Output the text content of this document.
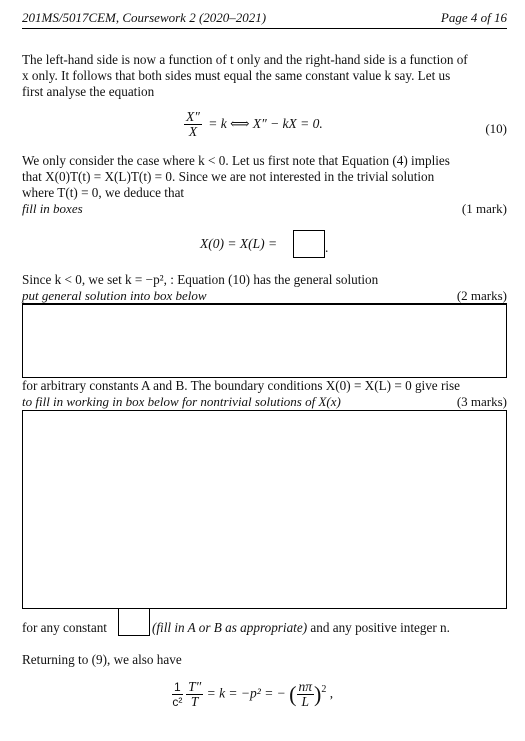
201MS/5017CEM, Coursework 2 (2020–2021)	Page 4 of 16
The left-hand side is now a function of t only and the right-hand side is a function of
x only. It follows that both sides must equal the same constant value k say. Let us
first analyse the equation
$\frac{X''}{X} = k$ ⟺ X″ − kX = 0.	(10)
We only consider the case where k < 0. Let us first note that Equation (4) implies
that X(0)T(t) = X(L)T(t) = 0. Since we are not interested in the trivial solution
where T(t) = 0, we deduce that
fill in boxes	(1 mark)
X(0) = X(L) =	.
Since k < 0, we set k = −p², : Equation (10) has the general solution
put general solution into box below	(2 marks)
for arbitrary constants A and B. The boundary conditions X(0) = X(L) = 0 give rise
to fill in working in box below for nontrivial solutions of X(x)	(3 marks)
for any constant	(fill in A or B as appropriate) and any positive integer n.
Returning to (9), we also have
$\frac{1}{\text{c²}}$
$\frac{T''}{T} = k = -p^2$ = − ( $\frac{n\pi}{L} )^2$ ,
